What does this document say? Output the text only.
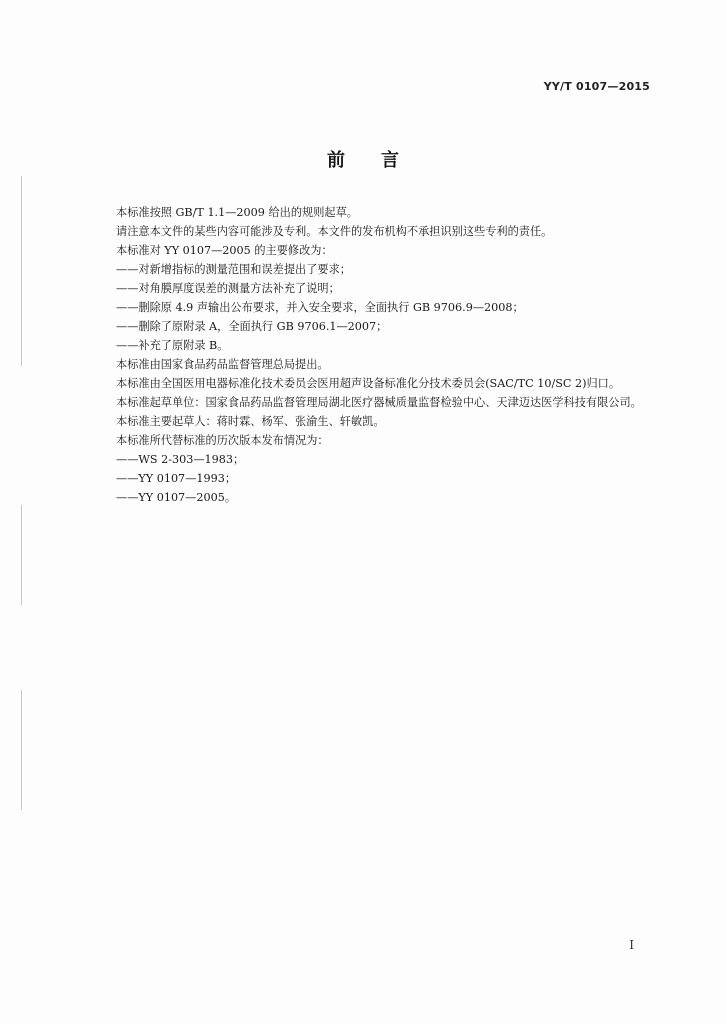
YY/T 0107—2015
前言

本标准按照 GB/T 1.1—2009 给出的规则起草。

请注意本文件的某些内容可能涉及专利。本文件的发布机构不承担识别这些专利的责任。

本标准对 YY 0107—2005 的主要修改为：

——对新增指标的测量范围和误差提出了要求；

——对角膜厚度误差的测量方法补充了说明；

——删除原 4.9 声输出公布要求，并入安全要求，全面执行 GB 9706.9—2008；

——删除了原附录 A，全面执行 GB 9706.1—2007；

——补充了原附录 B。

本标准由国家食品药品监督管理总局提出。

本标准由全国医用电器标准化技术委员会医用超声设备标准化分技术委员会(SAC/TC 10/SC 2)归口。

本标准起草单位：国家食品药品监督管理局湖北医疗器械质量监督检验中心、天津迈达医学科技有限公司。

本标准主要起草人：蒋时霖、杨军、张渝生、轩敏凯。

本标准所代替标准的历次版本发布情况为：

——WS 2-303—1983；

——YY 0107—1993；

——YY 0107—2005。

I
